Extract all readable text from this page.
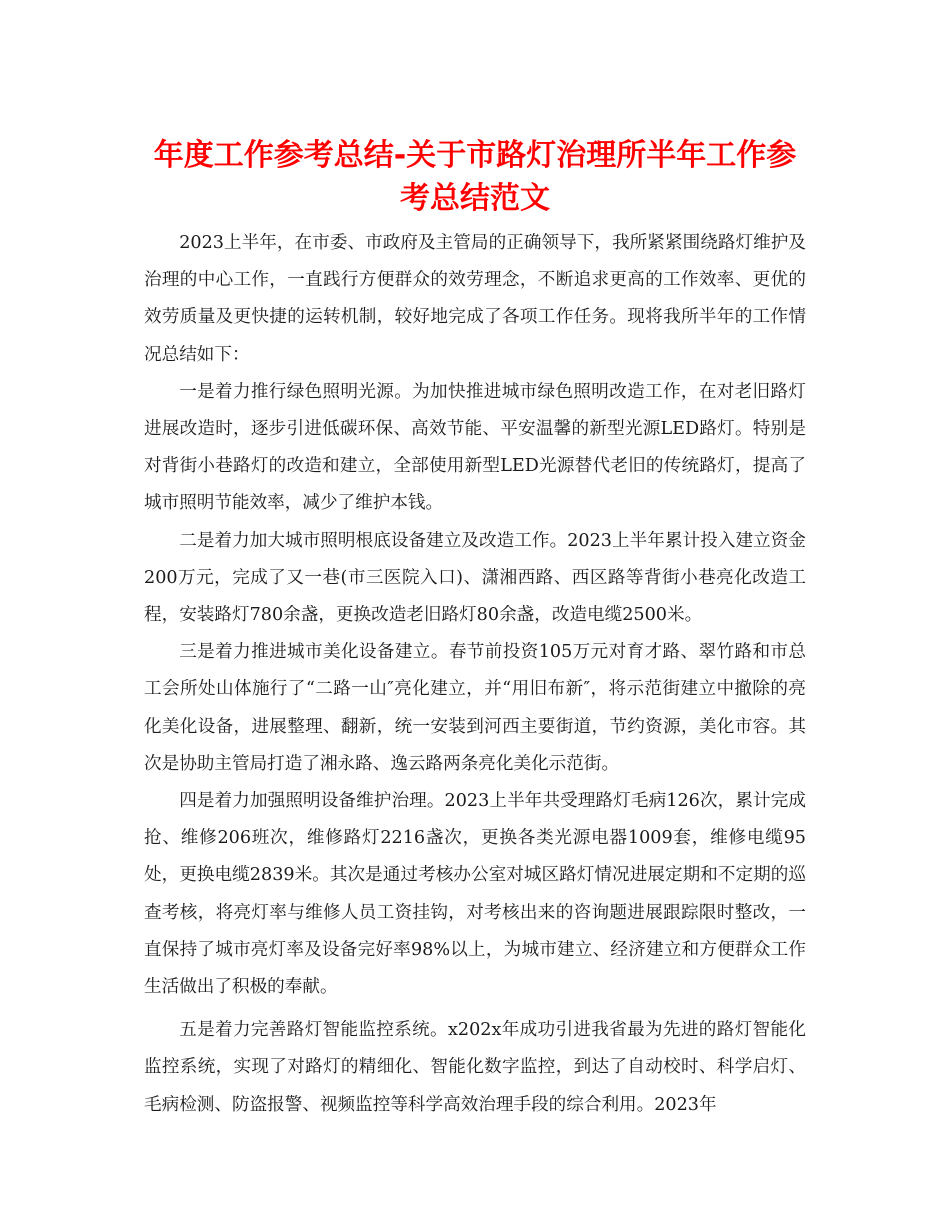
年度工作参考总结-关于市路灯治理所半年工作参
考总结范文

2023上半年，在市委、市政府及主管局的正确领导下，我所紧紧围绕路灯维护及治理的中心工作，一直践行方便群众的效劳理念，不断追求更高的工作效率、更优的效劳质量及更快捷的运转机制，较好地完成了各项工作任务。现将我所半年的工作情况总结如下：

一是着力推行绿色照明光源。为加快推进城市绿色照明改造工作，在对老旧路灯进展改造时，逐步引进低碳环保、高效节能、平安温馨的新型光源LED路灯。特别是对背街小巷路灯的改造和建立，全部使用新型LED光源替代老旧的传统路灯，提高了城市照明节能效率，减少了维护本钱。

二是着力加大城市照明根底设备建立及改造工作。2023上半年累计投入建立资金200万元，完成了又一巷(市三医院入口)、潇湘西路、西区路等背街小巷亮化改造工程，安装路灯780余盏，更换改造老旧路灯80余盏，改造电缆2500米。

三是着力推进城市美化设备建立。春节前投资105万元对育才路、翠竹路和市总工会所处山体施行了“二路一山″亮化建立，并“用旧布新″，将示范街建立中撤除的亮化美化设备，进展整理、翻新，统一安装到河西主要街道，节约资源，美化市容。其次是协助主管局打造了湘永路、逸云路两条亮化美化示范街。

四是着力加强照明设备维护治理。2023上半年共受理路灯毛病126次，累计完成抢、维修206班次，维修路灯2216盏次，更换各类光源电器1009套，维修电缆95处，更换电缆2839米。其次是通过考核办公室对城区路灯情况进展定期和不定期的巡查考核，将亮灯率与维修人员工资挂钩，对考核出来的咨询题进展跟踪限时整改，一直保持了城市亮灯率及设备完好率98%以上，为城市建立、经济建立和方便群众工作生活做出了积极的奉献。

五是着力完善路灯智能监控系统。x202x年成功引进我省最为先进的路灯智能化监控系统，实现了对路灯的精细化、智能化数字监控，到达了自动校时、科学启灯、毛病检测、防盗报警、视频监控等科学高效治理手段的综合利用。2023年
